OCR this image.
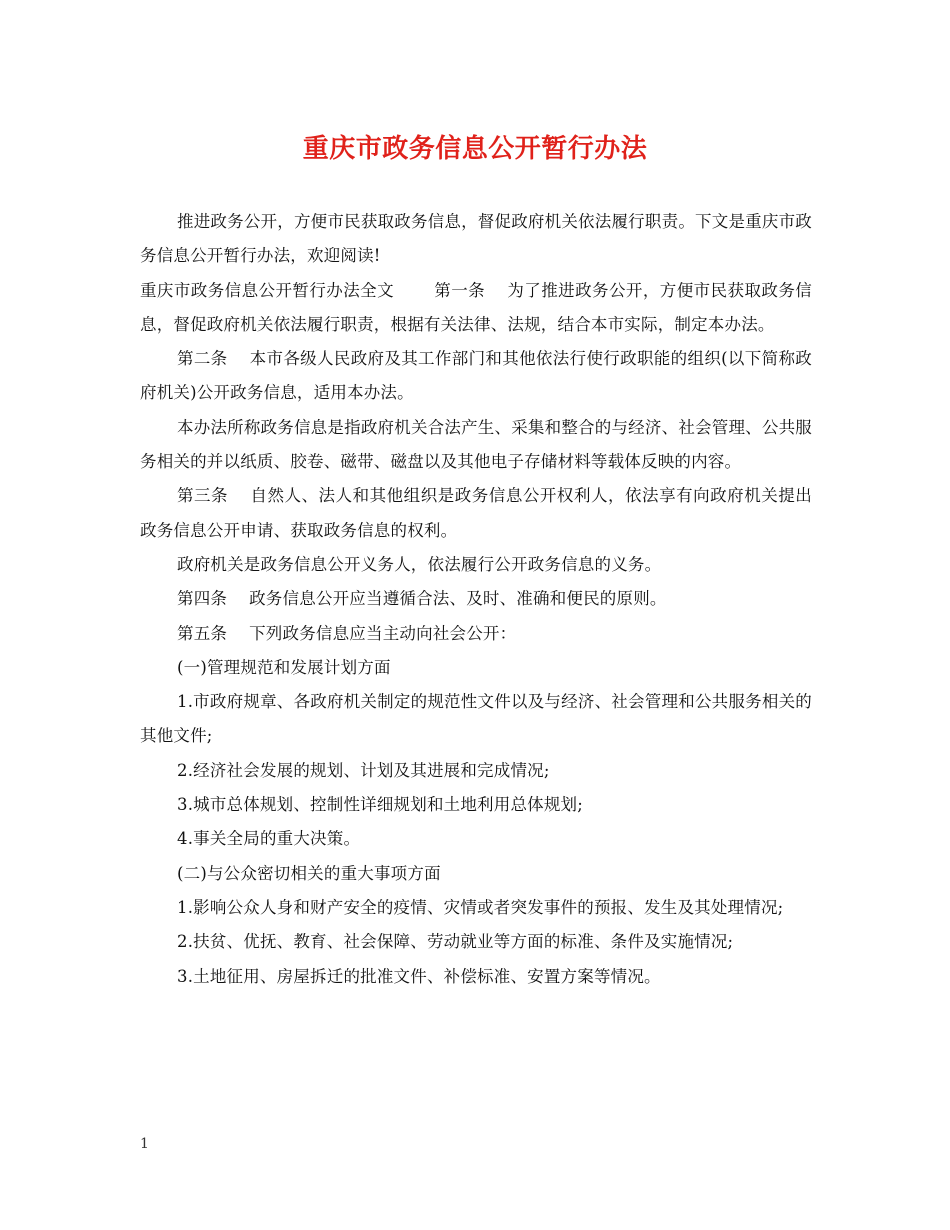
重庆市政务信息公开暂行办法

推进政务公开，方便市民获取政务信息，督促政府机关依法履行职责。下文是重庆市政务信息公开暂行办法，欢迎阅读!

重庆市政务信息公开暂行办法全文 第一条 为了推进政务公开，方便市民获取政务信息，督促政府机关依法履行职责，根据有关法律、法规，结合本市实际，制定本办法。

第二条 本市各级人民政府及其工作部门和其他依法行使行政职能的组织(以下简称政府机关)公开政务信息，适用本办法。

本办法所称政务信息是指政府机关合法产生、采集和整合的与经济、社会管理、公共服务相关的并以纸质、胶卷、磁带、磁盘以及其他电子存储材料等载体反映的内容。

第三条 自然人、法人和其他组织是政务信息公开权利人，依法享有向政府机关提出政务信息公开申请、获取政务信息的权利。

政府机关是政务信息公开义务人，依法履行公开政务信息的义务。

第四条 政务信息公开应当遵循合法、及时、准确和便民的原则。

第五条 下列政务信息应当主动向社会公开：

(一)管理规范和发展计划方面

1.市政府规章、各政府机关制定的规范性文件以及与经济、社会管理和公共服务相关的其他文件;

2.经济社会发展的规划、计划及其进展和完成情况;

3.城市总体规划、控制性详细规划和土地利用总体规划;

4.事关全局的重大决策。

(二)与公众密切相关的重大事项方面

1.影响公众人身和财产安全的疫情、灾情或者突发事件的预报、发生及其处理情况;

2.扶贫、优抚、教育、社会保障、劳动就业等方面的标准、条件及实施情况;

3.土地征用、房屋拆迁的批准文件、补偿标准、安置方案等情况。

1
